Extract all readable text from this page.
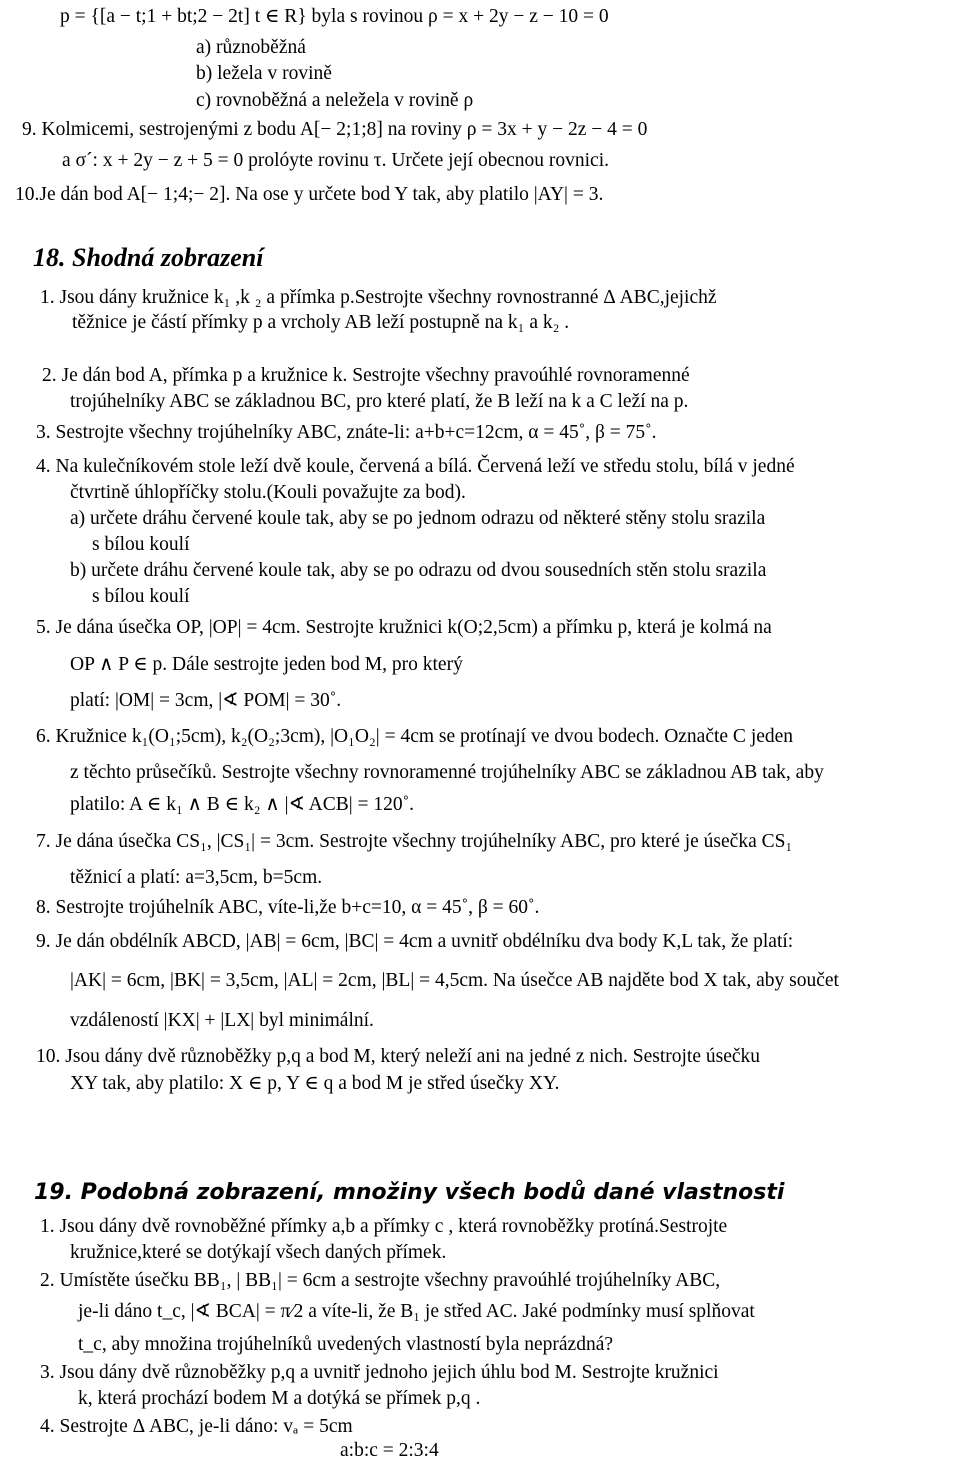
p = {[a − t;1 + bt;2 − 2t] t ∈ R} byla s rovinou ρ = x + 2y − z − 10 = 0
a) různoběžná
b) ležela v rovině
c) rovnoběžná a neležela v rovině ρ
9. Kolmicemi, sestrojenými z bodu A[− 2;1;8] na roviny ρ = 3x + y − 2z − 4 = 0
a σ´: x + 2y − z + 5 = 0 prolóyte rovinu τ. Určete její obecnou rovnici.
10.Je dán bod A[− 1;4;− 2]. Na ose y určete bod Y tak, aby platilo |AY| = 3.
18. Shodná zobrazení
1. Jsou dány kružnice k₁ ,k ₂ a přímka p.Sestrojte všechny rovnostranné Δ ABC,jejichž
těžnice je částí přímky p a vrcholy AB leží postupně na k₁ a k₂ .
2. Je dán bod A, přímka p a kružnice k. Sestrojte všechny pravoúhlé rovnoramenné
trojúhelníky ABC se základnou BC, pro které platí, že B leží na k a C leží na p.
3. Sestrojte všechny trojúhelníky ABC, znáte-li: a+b+c=12cm, α = 45˚, β = 75˚.
4. Na kulečníkovém stole leží dvě koule, červená a bílá. Červená leží ve středu stolu, bílá v jedné
čtvrtině úhlopříčky stolu.(Kouli považujte za bod).
a) určete dráhu červené koule tak, aby se po jednom odrazu od některé stěny stolu srazila
s bílou koulí
b) určete dráhu červené koule tak, aby se po odrazu od dvou sousedních stěn stolu srazila
s bílou koulí
5. Je dána úsečka OP, |OP| = 4cm. Sestrojte kružnici k(O;2,5cm) a přímku p, která je kolmá na
OP ∧ P ∈ p. Dále sestrojte jeden bod M, pro který
platí: |OM| = 3cm, |∢ POM| = 30˚.
6. Kružnice k₁(O₁;5cm), k₂(O₂;3cm), |O₁O₂| = 4cm se protínají ve dvou bodech. Označte C jeden
z těchto průsečíků. Sestrojte všechny rovnoramenné trojúhelníky ABC se základnou AB tak, aby
platilo: A ∈ k₁ ∧ B ∈ k₂ ∧ |∢ ACB| = 120˚.
7. Je dána úsečka CS₁, |CS₁| = 3cm. Sestrojte všechny trojúhelníky ABC, pro které je úsečka CS₁
těžnicí a platí: a=3,5cm, b=5cm.
8. Sestrojte trojúhelník ABC, víte-li,že b+c=10, α = 45˚, β = 60˚.
9. Je dán obdélník ABCD, |AB| = 6cm, |BC| = 4cm a uvnitř obdélníku dva body K,L tak, že platí:
|AK| = 6cm, |BK| = 3,5cm, |AL| = 2cm, |BL| = 4,5cm. Na úsečce AB najděte bod X tak, aby součet
vzdáleností |KX| + |LX| byl minimální.
10. Jsou dány dvě různoběžky p,q a bod M, který neleží ani na jedné z nich. Sestrojte úsečku
XY tak, aby platilo: X ∈ p, Y ∈ q a bod M je střed úsečky XY.
19. Podobná zobrazení, množiny všech bodů dané vlastnosti
1. Jsou dány dvě rovnoběžné přímky a,b a přímky c , která rovnoběžky protíná.Sestrojte
kružnice,které se dotýkají všech daných přímek.
2. Umístěte úsečku BB₁, | BB₁| = 6cm a sestrojte všechny pravoúhlé trojúhelníky ABC,
je-li dáno t_c, |∢ BCA| = π⁄2 a víte-li, že B₁ je střed AC. Jaké podmínky musí splňovat
t_c, aby množina trojúhelníků uvedených vlastností byla neprázdná?
3. Jsou dány dvě různoběžky p,q a uvnitř jednoho jejich úhlu bod M. Sestrojte kružnici
k, která prochází bodem M a dotýká se přímek p,q .
4. Sestrojte Δ ABC, je-li dáno: vₐ = 5cm
a:b:c = 2:3:4
